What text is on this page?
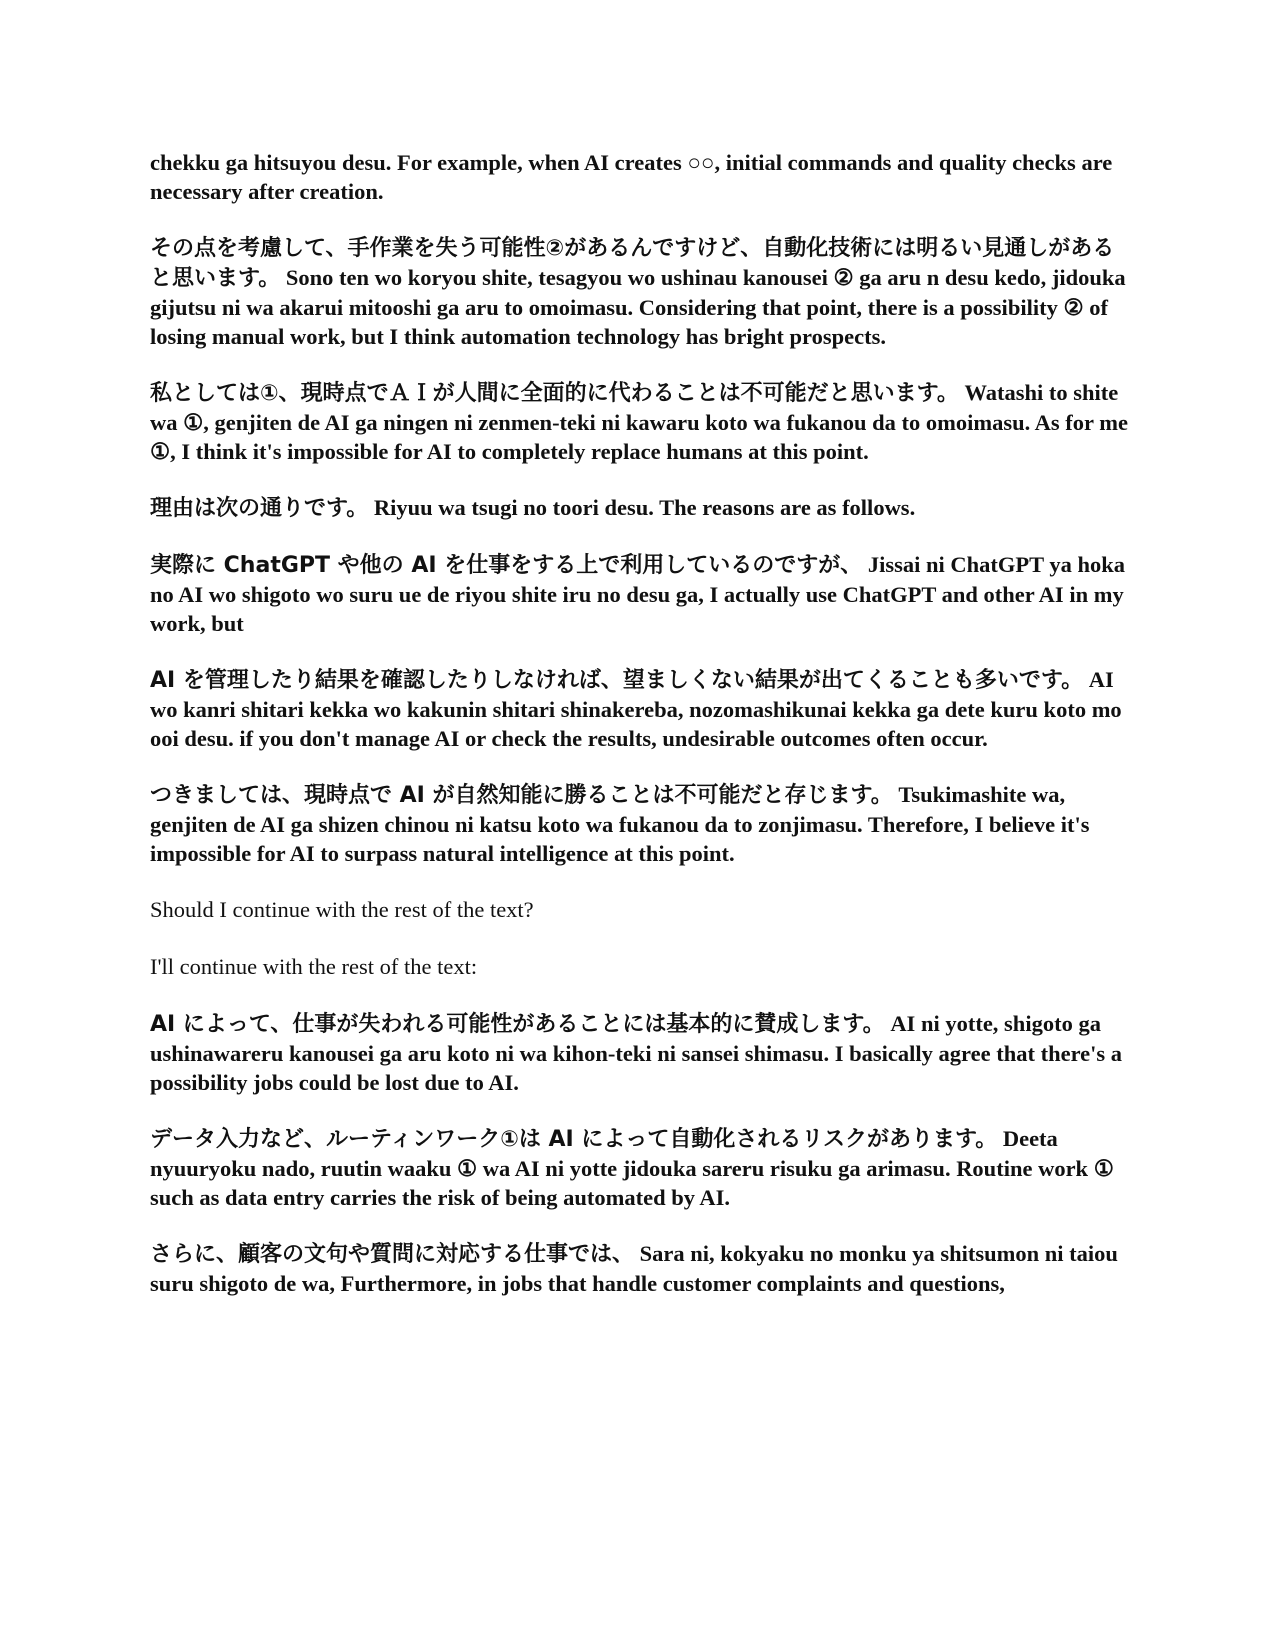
chekku ga hitsuyou desu. For example, when AI creates ○○, initial commands and quality checks are necessary after creation.

その点を考慮して、手作業を失う可能性②があるんですけど、自動化技術には明るい見通しがあると思います。 Sono ten wo koryou shite, tesagyou wo ushinau kanousei ② ga aru n desu kedo, jidouka gijutsu ni wa akarui mitooshi ga aru to omoimasu. Considering that point, there is a possibility ② of losing manual work, but I think automation technology has bright prospects.

私としては①、現時点でＡＩが人間に全面的に代わることは不可能だと思います。 Watashi to shite wa ①, genjiten de AI ga ningen ni zenmen-teki ni kawaru koto wa fukanou da to omoimasu. As for me ①, I think it's impossible for AI to completely replace humans at this point.

理由は次の通りです。 Riyuu wa tsugi no toori desu. The reasons are as follows.

実際に ChatGPT や他の AI を仕事をする上で利用しているのですが、 Jissai ni ChatGPT ya hoka no AI wo shigoto wo suru ue de riyou shite iru no desu ga, I actually use ChatGPT and other AI in my work, but

AI を管理したり結果を確認したりしなければ、望ましくない結果が出てくることも多いです。 AI wo kanri shitari kekka wo kakunin shitari shinakereba, nozomashikunai kekka ga dete kuru koto mo ooi desu. if you don't manage AI or check the results, undesirable outcomes often occur.

つきましては、現時点で AI が自然知能に勝ることは不可能だと存じます。 Tsukimashite wa, genjiten de AI ga shizen chinou ni katsu koto wa fukanou da to zonjimasu. Therefore, I believe it's impossible for AI to surpass natural intelligence at this point.

Should I continue with the rest of the text?

I'll continue with the rest of the text:

AI によって、仕事が失われる可能性があることには基本的に賛成します。 AI ni yotte, shigoto ga ushinawareru kanousei ga aru koto ni wa kihon-teki ni sansei shimasu. I basically agree that there's a possibility jobs could be lost due to AI.

データ入力など、ルーティンワーク①は AI によって自動化されるリスクがあります。 Deeta nyuuryoku nado, ruutin waaku ① wa AI ni yotte jidouka sareru risuku ga arimasu. Routine work ① such as data entry carries the risk of being automated by AI.

さらに、顧客の文句や質問に対応する仕事では、 Sara ni, kokyaku no monku ya shitsumon ni taiou suru shigoto de wa, Furthermore, in jobs that handle customer complaints and questions,
